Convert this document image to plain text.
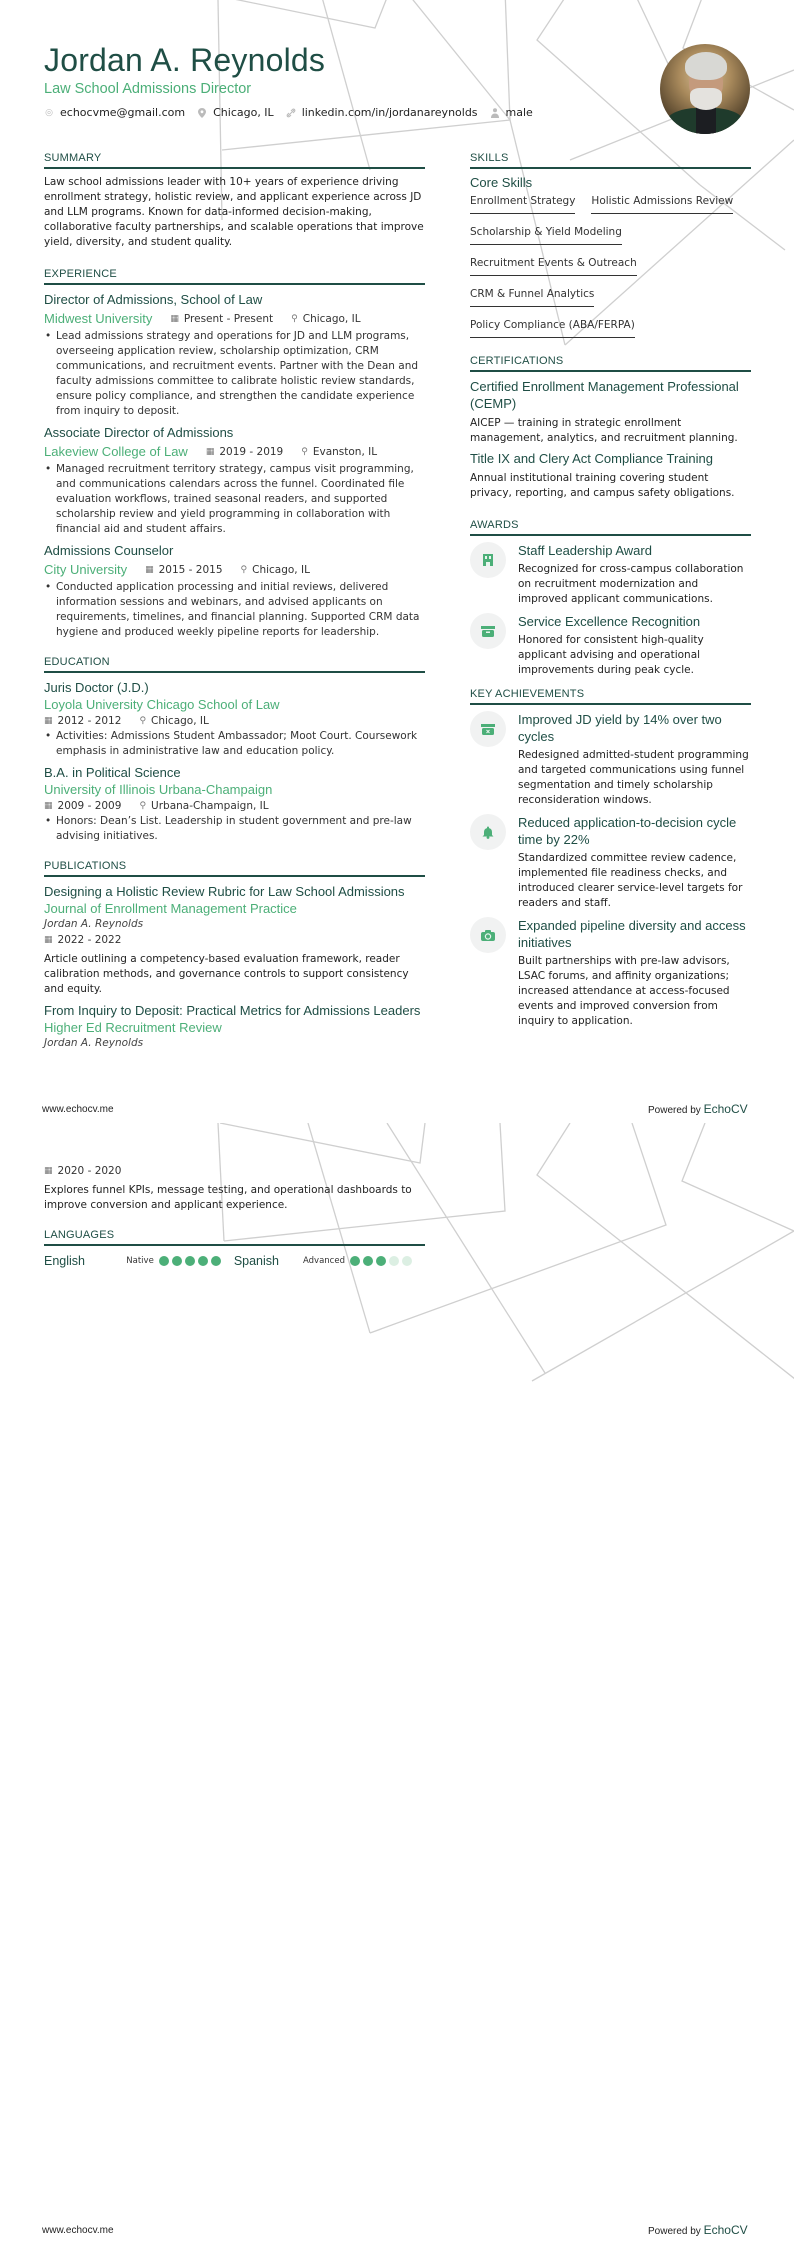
Jordan A. Reynolds
Law School Admissions Director
◎ echocvme@gmail.com	Chicago, IL	linkedin.com/in/jordanareynolds	male
SUMMARY

Law school admissions leader with 10+ years of experience driving enrollment strategy, holistic review, and applicant experience across JD and LLM programs. Known for data-informed decision-making, collaborative faculty partnerships, and scalable operations that improve yield, diversity, and student quality.

EXPERIENCE
Director of Admissions, School of Law
Midwest University ▦ Present - Present ⚲ Chicago, IL
• Lead admissions strategy and operations for JD and LLM programs, overseeing application review, scholarship optimization, CRM communications, and recruitment events. Partner with the Dean and faculty admissions committee to calibrate holistic review standards, ensure policy compliance, and strengthen the candidate experience from inquiry to deposit.
Associate Director of Admissions
Lakeview College of Law ▦ 2019 - 2019 ⚲ Evanston, IL
• Managed recruitment territory strategy, campus visit programming, and communications calendars across the funnel. Coordinated file evaluation workflows, trained seasonal readers, and supported scholarship review and yield programming in collaboration with financial aid and student affairs.
Admissions Counselor
City University ▦ 2015 - 2015 ⚲ Chicago, IL
• Conducted application processing and initial reviews, delivered information sessions and webinars, and advised applicants on requirements, timelines, and financial planning. Supported CRM data hygiene and produced weekly pipeline reports for leadership.
EDUCATION
Juris Doctor (J.D.)
Loyola University Chicago School of Law
▦ 2012 - 2012 ⚲ Chicago, IL
• Activities: Admissions Student Ambassador; Moot Court. Coursework emphasis in administrative law and education policy.
B.A. in Political Science
University of Illinois Urbana-Champaign
▦ 2009 - 2009 ⚲ Urbana-Champaign, IL
• Honors: Dean’s List. Leadership in student government and pre-law advising initiatives.
PUBLICATIONS
Designing a Holistic Review Rubric for Law School Admissions
Journal of Enrollment Management Practice
Jordan A. Reynolds
▦ 2022 - 2022

Article outlining a competency-based evaluation framework, reader calibration methods, and governance controls to support consistency and equity.

From Inquiry to Deposit: Practical Metrics for Admissions Leaders
Higher Ed Recruitment Review
Jordan A. Reynolds
SKILLS
Core Skills
Enrollment Strategy Holistic Admissions Review
Scholarship & Yield Modeling
Recruitment Events & Outreach
CRM & Funnel Analytics
Policy Compliance (ABA/FERPA)
CERTIFICATIONS
Certified Enrollment Management Professional (CEMP)

AICEP — training in strategic enrollment management, analytics, and recruitment planning.

Title IX and Clery Act Compliance Training

Annual institutional training covering student privacy, reporting, and campus safety obligations.

AWARDS
Staff Leadership Award

Recognized for cross-campus collaboration on recruitment modernization and improved applicant communications.

Service Excellence Recognition

Honored for consistent high-quality applicant advising and operational improvements during peak cycle.

KEY ACHIEVEMENTS
Improved JD yield by 14% over two cycles

Redesigned admitted-student programming and targeted communications using funnel segmentation and timely scholarship reconsideration windows.

Reduced application-to-decision cycle time by 22%

Standardized committee review cadence, implemented file readiness checks, and introduced clearer service-level targets for readers and staff.

Expanded pipeline diversity and access initiatives

Built partnerships with pre-law advisors, LSAC forums, and affinity organizations; increased attendance at access-focused events and improved conversion from inquiry to application.

www.echocv.me	Powered by EchoCV
▦ 2020 - 2020

Explores funnel KPIs, message testing, and operational dashboards to improve conversion and applicant experience.

LANGUAGES
English	Native	Spanish	Advanced
www.echocv.me	Powered by EchoCV
